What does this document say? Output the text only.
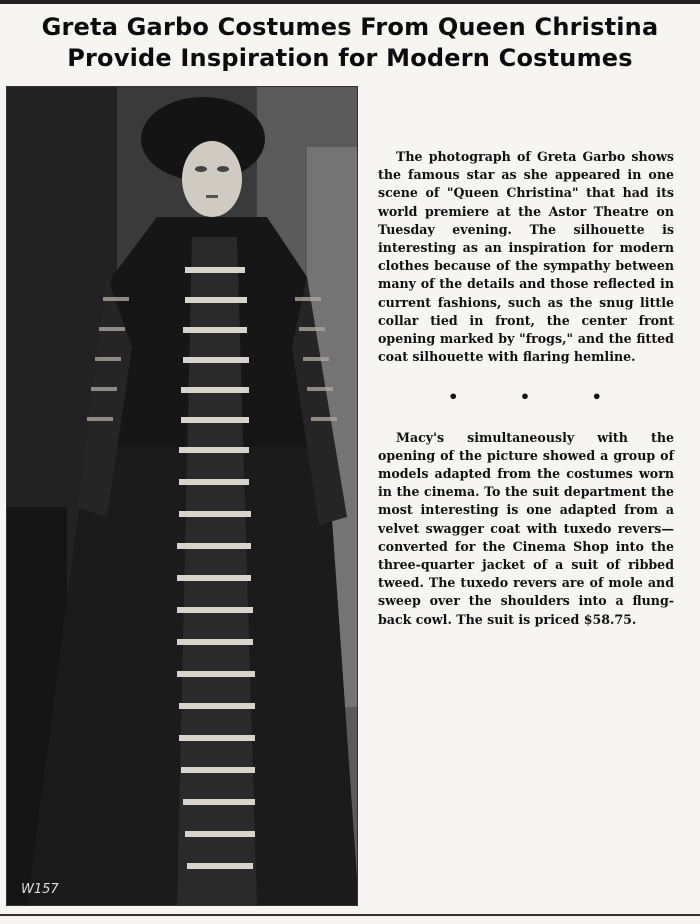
Greta Garbo Costumes From Queen Christina
Provide Inspiration for Modern Costumes
W157

The photograph of Greta Garbo shows the famous star as she appeared in one scene of "Queen Christina" that had its world premiere at the Astor Theatre on Tuesday evening. The silhouette is interesting as an inspiration for modern clothes because of the sympathy between many of the details and those reflected in current fashions, such as the snug little collar tied in front, the center front opening marked by "frogs," and the fitted coat silhouette with flaring hemline.

• • •

Macy's simultaneously with the opening of the picture showed a group of models adapted from the costumes worn in the cinema. To the suit department the most interesting is one adapted from a velvet swagger coat with tuxedo revers—converted for the Cinema Shop into the three-quarter jacket of a suit of ribbed tweed. The tuxedo revers are of mole and sweep over the shoulders into a flung-back cowl. The suit is priced $58.75.
